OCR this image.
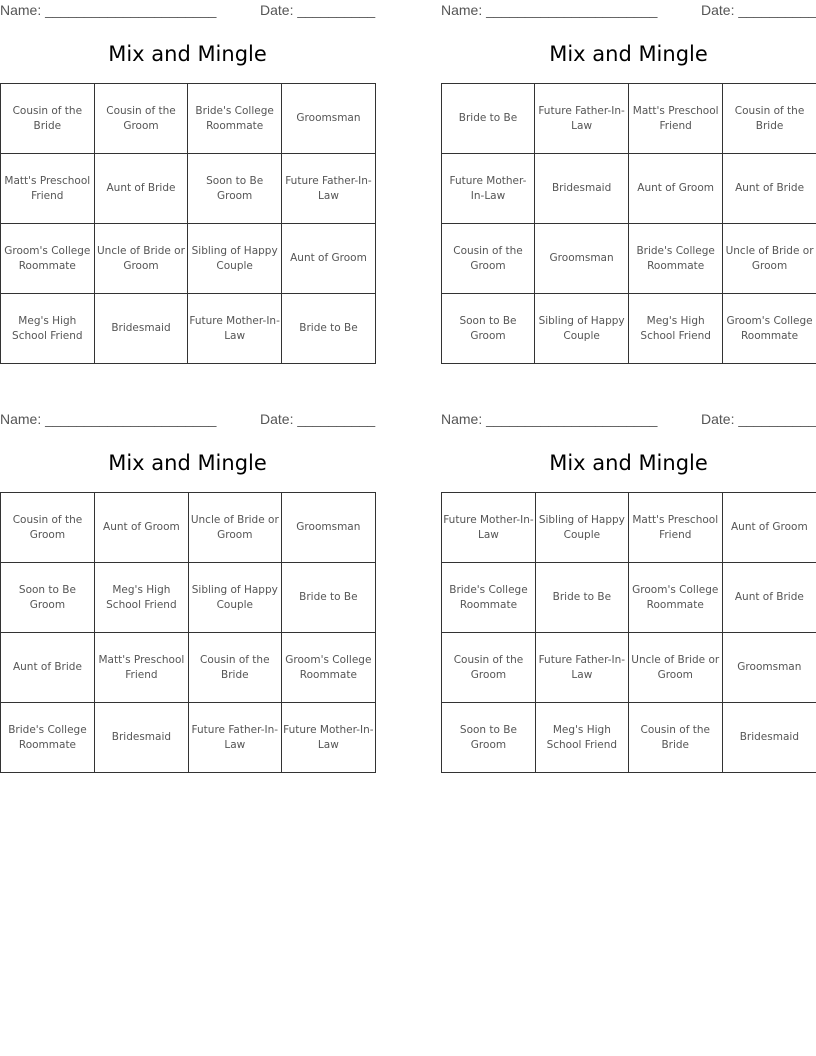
Name: ______________________	Date: __________
Mix and Mingle
Cousin of the Bride	Cousin of the Groom	Bride's College Roommate	Groomsman
Matt's Preschool Friend	Aunt of Bride	Soon to Be Groom	Future Father-In-Law
Groom's College Roommate	Uncle of Bride or Groom	Sibling of Happy Couple	Aunt of Groom
Meg's High School Friend	Bridesmaid	Future Mother-In-Law	Bride to Be
Name: ______________________	Date: __________
Mix and Mingle
Bride to Be	Future Father-In-Law	Matt's Preschool Friend	Cousin of the Bride
Future Mother-In-Law	Bridesmaid	Aunt of Groom	Aunt of Bride
Cousin of the Groom	Groomsman	Bride's College Roommate	Uncle of Bride or Groom
Soon to Be Groom	Sibling of Happy Couple	Meg's High School Friend	Groom's College Roommate
Name: ______________________	Date: __________
Mix and Mingle
Cousin of the Groom	Aunt of Groom	Uncle of Bride or Groom	Groomsman
Soon to Be Groom	Meg's High School Friend	Sibling of Happy Couple	Bride to Be
Aunt of Bride	Matt's Preschool Friend	Cousin of the Bride	Groom's College Roommate
Bride's College Roommate	Bridesmaid	Future Father-In-Law	Future Mother-In-Law
Name: ______________________	Date: __________
Mix and Mingle
Future Mother-In-Law	Sibling of Happy Couple	Matt's Preschool Friend	Aunt of Groom
Bride's College Roommate	Bride to Be	Groom's College Roommate	Aunt of Bride
Cousin of the Groom	Future Father-In-Law	Uncle of Bride or Groom	Groomsman
Soon to Be Groom	Meg's High School Friend	Cousin of the Bride	Bridesmaid
